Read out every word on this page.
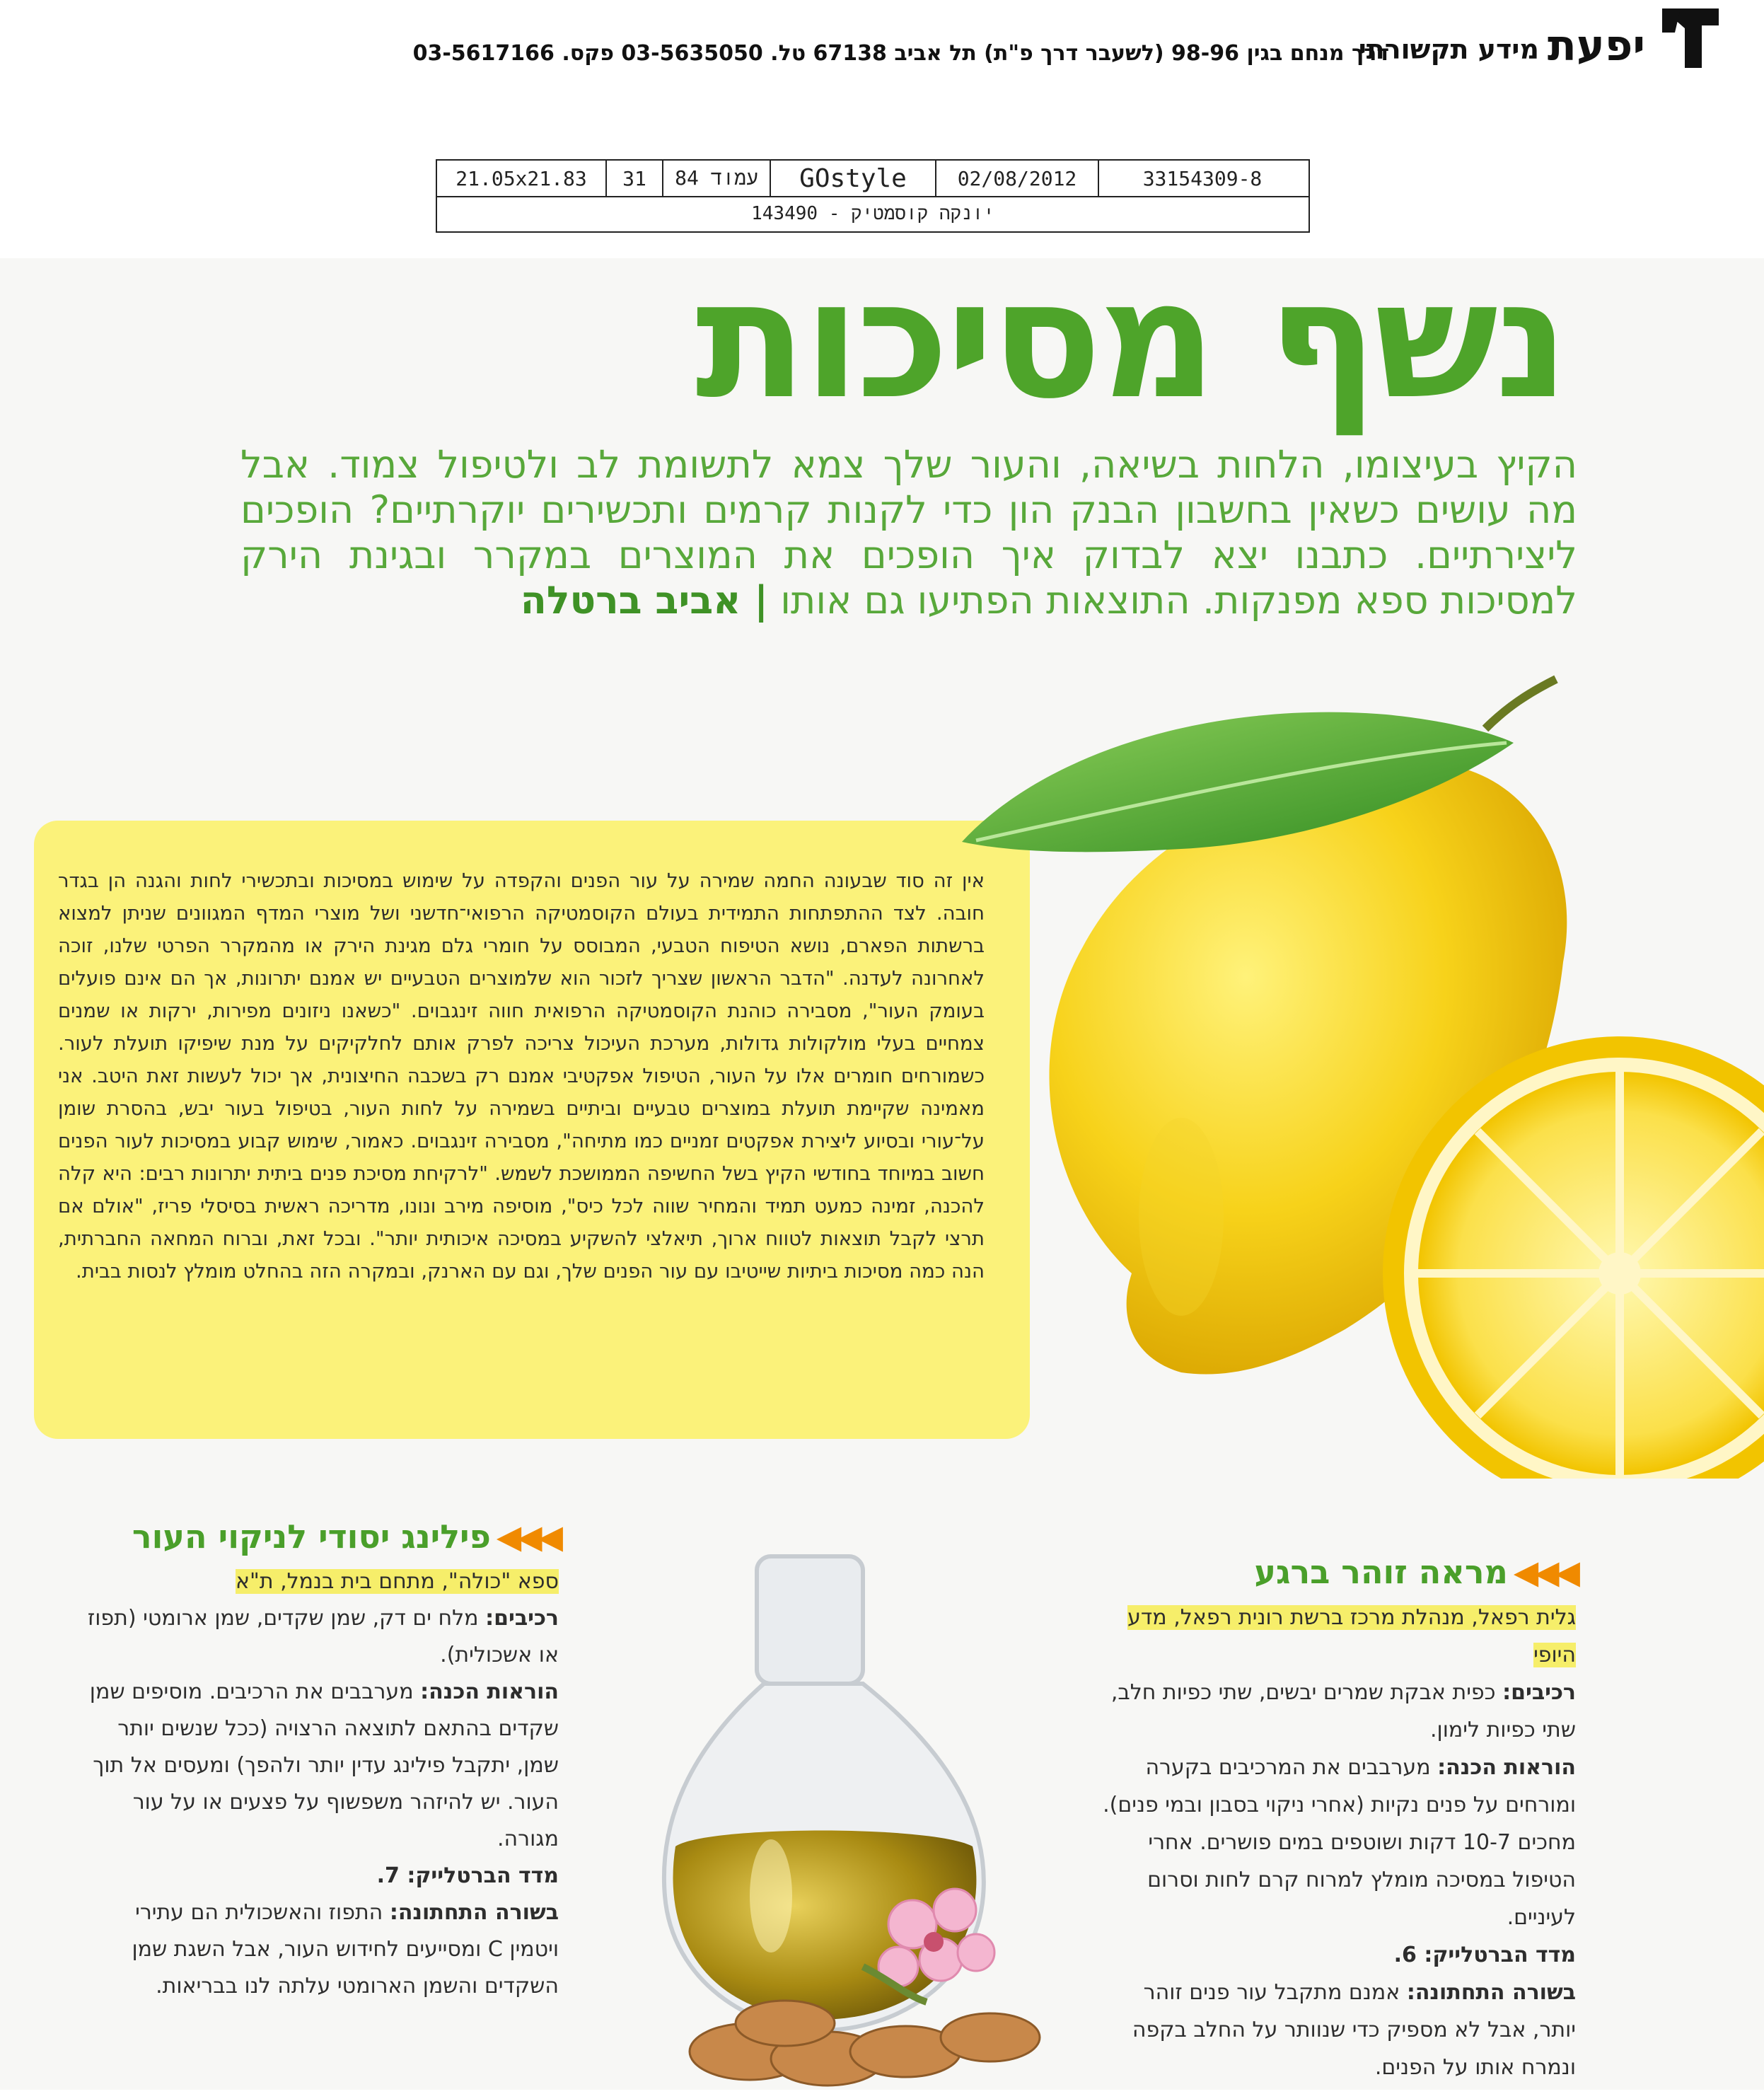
יפעת
מידע תקשורתי
דרך מנחם בגין 98-96 (לשעבר דרך פ"ת) תל אביב 67138 טל. 03-5635050 פקס. 03-5617166
21.05x21.83	31	עמוד 84	GOstyle	02/08/2012	33154309-8
יונקה קוסמטיק - 143490
נשף מסיכות
הקיץ בעיצומו, הלחות בשיאה, והעור שלך צמא לתשומת לב ולטיפול צמוד. אבל מה עושים כשאין בחשבון הבנק הון כדי לקנות קרמים ותכשירים יוקרתיים? הופכים ליצירתיים. כתבנו יצא לבדוק איך הופכים את המוצרים במקרר ובגינת הירק למסיכות ספא מפנקות. התוצאות הפתיעו גם אותו | אביב ברטלה
אין זה סוד שבעונה החמה שמירה על עור הפנים והקפדה על שימוש במסיכות ובתכשירי לחות והגנה הן בגדר חובה. לצד ההתפתחות התמידית בעולם הקוסמטיקה הרפואי־חדשני ושל מוצרי המדף המגוונים שניתן למצוא ברשתות הפארם, נושא הטיפוח הטבעי, המבוסס על חומרי גלם מגינת הירק או מהמקרר הפרטי שלנו, זוכה לאחרונה לעדנה. "הדבר הראשון שצריך לזכור הוא שלמוצרים הטבעיים יש אמנם יתרונות, אך הם אינם פועלים בעומק העור", מסבירה כוהנת הקוסמטיקה הרפואית חווה זינגבוים. "כשאנו ניזונים מפירות, ירקות או שמנים צמחיים בעלי מולקולות גדולות, מערכת העיכול צריכה לפרק אותם לחלקיקים על מנת שיפיקו תועלת לעור. כשמורחים חומרים אלו על העור, הטיפול אפקטיבי אמנם רק בשכבה החיצונית, אך יכול לעשות זאת היטב. אני מאמינה שקיימת תועלת במוצרים טבעיים וביתיים בשמירה על לחות העור, בטיפול בעור יבש, בהסרת שומן על־עורי ובסיוע ליצירת אפקטים זמניים כמו מתיחה", מסבירה זינגבוים. כאמור, שימוש קבוע במסיכות לעור הפנים חשוב במיוחד בחודשי הקיץ בשל החשיפה הממושכת לשמש. "לרקיחת מסיכת פנים ביתית יתרונות רבים: היא קלה להכנה, זמינה כמעט תמיד והמחיר שווה לכל כיס", מוסיפה מירב ונונו, מדריכה ראשית בסיסלי פריז, "אולם אם תרצי לקבל תוצאות לטווח ארוך, תיאלצי להשקיע במסיכה איכותית יותר". ובכל זאת, וברוח המחאה החברתית, הנה כמה מסיכות ביתיות שייטיבו עם עור הפנים שלך, וגם עם הארנק, ובמקרה הזה בהחלט מומלץ לנסות בבית.
◀◀◀מראה זוהר ברגע
גלית רפאל, מנהלת מרכז ברשת רונית רפאל, מדע היופי
רכיבים: כפית אבקת שמרים יבשים, שתי כפיות חלב, שתי כפיות לימון.
הוראות הכנה: מערבבים את המרכיבים בקערה ומורחים על פנים נקיות (אחרי ניקוי בסבון ובמי פנים). מחכים 10-7 דקות ושוטפים במים פושרים. אחרי הטיפול במסיכה מומלץ למרוח קרם לחות וסרום לעיניים.
מדד הברטלייק: 6.
בשורה התחתונה: אמנם מתקבל עור פנים זוהר יותר, אבל לא מספיק כדי שנוותר על החלב בקפה ונמרח אותו על הפנים.
◀◀◀פילינג יסודי לניקוי העור
ספא "כולה", מתחם בית בנמל, ת"א
רכיבים: מלח ים דק, שמן שקדים, שמן ארומטי (תפוז או אשכולית).
הוראות הכנה: מערבבים את הרכיבים. מוסיפים שמן שקדים בהתאם לתוצאה הרצויה (ככל שנשים יותר שמן, יתקבל פילינג עדין יותר ולהפך) ומעסים אל תוך העור. יש להיזהר משפשוף על פצעים או על עור מגורה.
מדד הברטלייק: 7.
בשורה התחתונה: התפוז והאשכולית הם עתירי ויטמין C ומסייעים לחידוש העור, אבל השגת שמן השקדים והשמן הארומטי עלתה לנו בבריאות.
